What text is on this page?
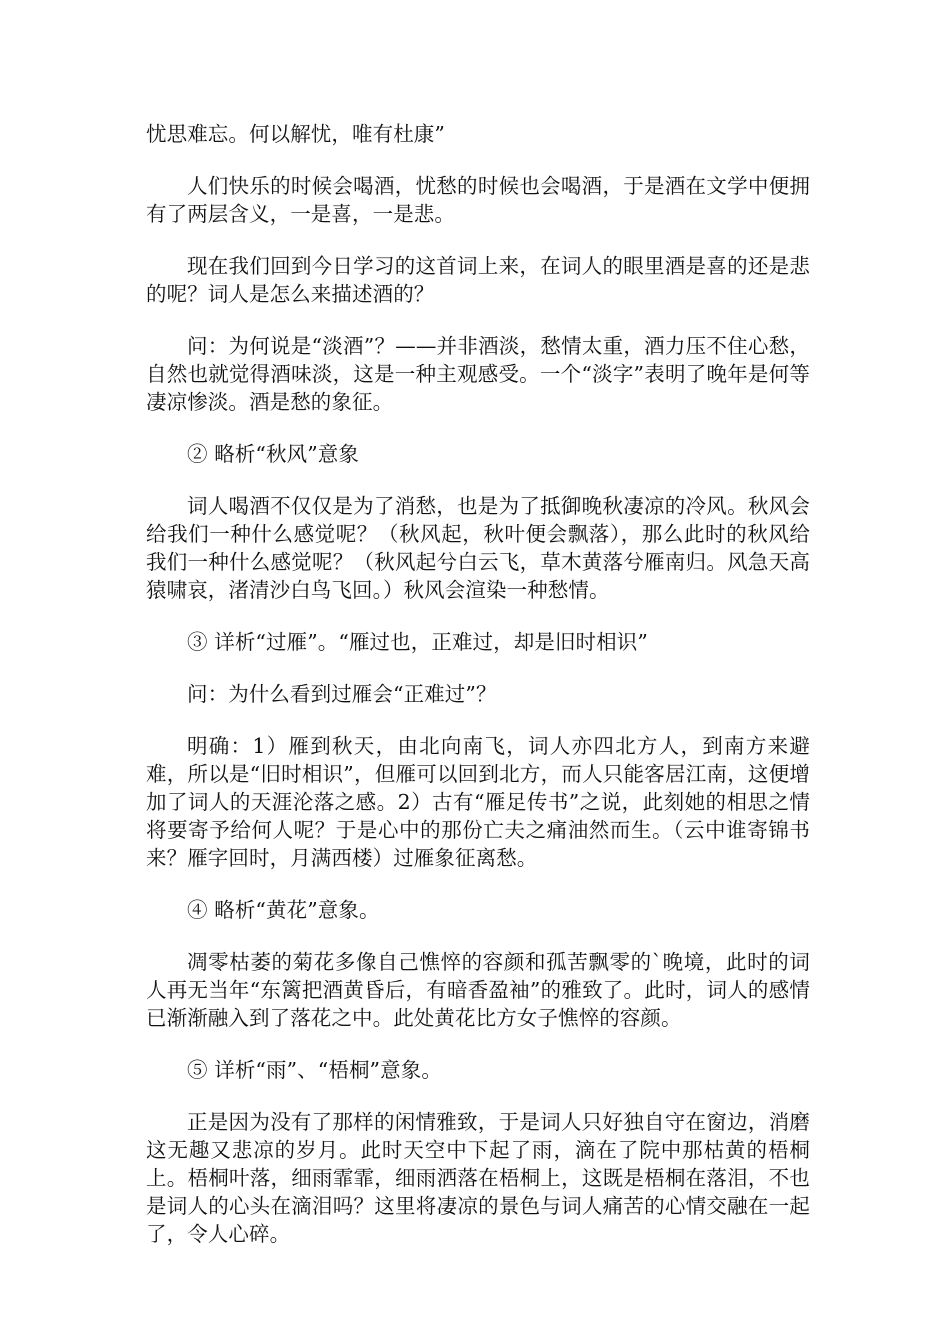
忧思难忘。何以解忧，唯有杜康”

人们快乐的时候会喝酒，忧愁的时候也会喝酒，于是酒在文学中便拥有了两层含义，一是喜，一是悲。

现在我们回到今日学习的这首词上来，在词人的眼里酒是喜的还是悲的呢？词人是怎么来描述酒的？

问：为何说是“淡酒”？——并非酒淡，愁情太重，酒力压不住心愁，自然也就觉得酒味淡，这是一种主观感受。一个“淡字”表明了晚年是何等凄凉惨淡。酒是愁的象征。

② 略析“秋风”意象

词人喝酒不仅仅是为了消愁，也是为了抵御晚秋凄凉的冷风。秋风会给我们一种什么感觉呢？（秋风起，秋叶便会飘落），那么此时的秋风给我们一种什么感觉呢？（秋风起兮白云飞，草木黄落兮雁南归。风急天高猿啸哀，渚清沙白鸟飞回。）秋风会渲染一种愁情。

③ 详析“过雁”。“雁过也，正难过，却是旧时相识”

问：为什么看到过雁会“正难过”？

明确：1）雁到秋天，由北向南飞，词人亦四北方人，到南方来避难，所以是“旧时相识”，但雁可以回到北方，而人只能客居江南，这便增加了词人的天涯沦落之感。2）古有“雁足传书”之说，此刻她的相思之情将要寄予给何人呢？于是心中的那份亡夫之痛油然而生。（云中谁寄锦书来？雁字回时，月满西楼）过雁象征离愁。

④ 略析“黄花”意象。

凋零枯萎的菊花多像自己憔悴的容颜和孤苦飘零的`晚境，此时的词人再无当年“东篱把酒黄昏后，有暗香盈袖”的雅致了。此时，词人的感情已渐渐融入到了落花之中。此处黄花比方女子憔悴的容颜。

⑤ 详析“雨”、“梧桐”意象。

正是因为没有了那样的闲情雅致，于是词人只好独自守在窗边，消磨这无趣又悲凉的岁月。此时天空中下起了雨，滴在了院中那枯黄的梧桐上。梧桐叶落，细雨霏霏，细雨洒落在梧桐上，这既是梧桐在落泪，不也是词人的心头在滴泪吗？这里将凄凉的景色与词人痛苦的心情交融在一起了，令人心碎。
